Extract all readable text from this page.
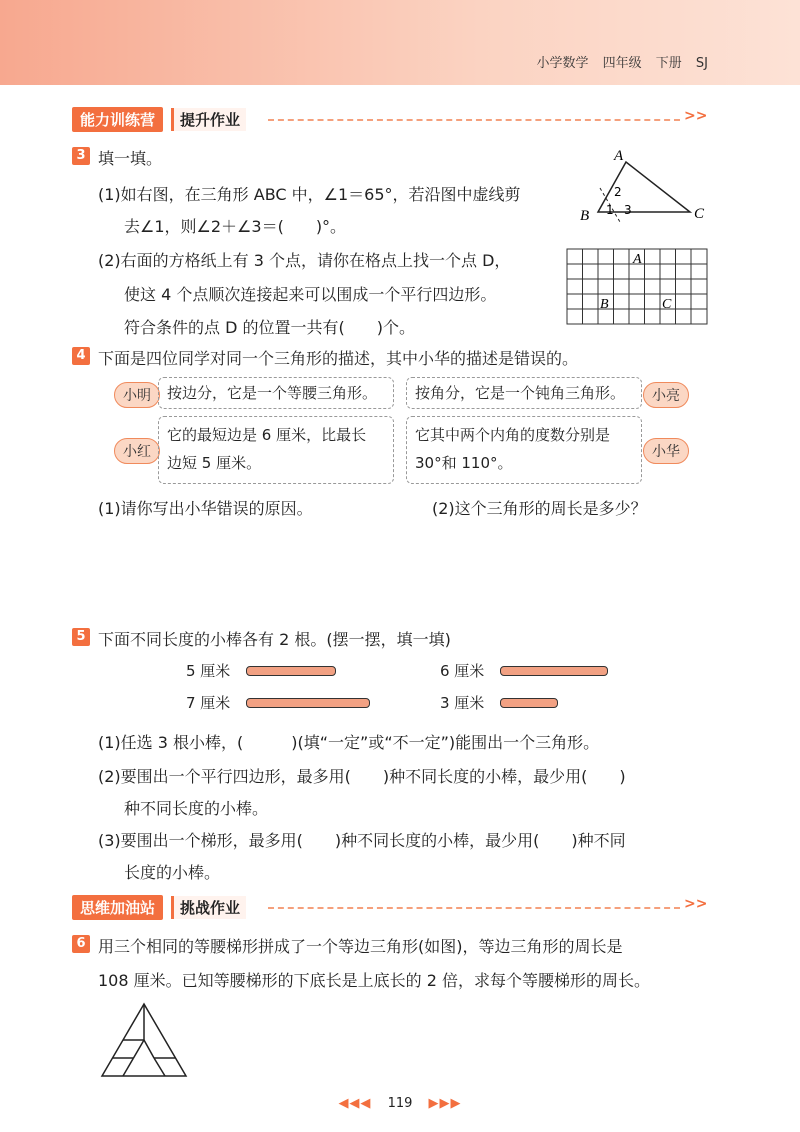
小学数学 四年级 下册 SJ
能力训练营	提升作业	>>
3 填一填。
(1)如右图，在三角形 ABC 中，∠1＝65°，若沿图中虚线剪
去∠1，则∠2＋∠3＝(　　)°。
(2)右面的方格纸上有 3 个点，请你在格点上找一个点 D，
使这 4 个点顺次连接起来可以围成一个平行四边形。
符合条件的点 D 的位置一共有(　　)个。
A
B	C
1
2
3
A
B	C
4 下面是四位同学对同一个三角形的描述，其中小华的描述是错误的。
小明	按边分，它是一个等腰三角形。	按角分，它是一个钝角三角形。	小亮
小红
它的最短边是 6 厘米，比最长
边短 5 厘米。
它其中两个内角的度数分别是
30°和 110°。
小华
(1)请你写出小华错误的原因。	(2)这个三角形的周长是多少？
5 下面不同长度的小棒各有 2 根。(摆一摆，填一填)
5 厘米	6 厘米
7 厘米	3 厘米
(1)任选 3 根小棒，(　　　)(填“一定”或“不一定”)能围出一个三角形。
(2)要围出一个平行四边形，最多用(　　)种不同长度的小棒，最少用(　　)
种不同长度的小棒。
(3)要围出一个梯形，最多用(　　)种不同长度的小棒，最少用(　　)种不同
长度的小棒。
思维加油站	挑战作业	>>
6 用三个相同的等腰梯形拼成了一个等边三角形(如图)，等边三角形的周长是
108 厘米。已知等腰梯形的下底长是上底长的 2 倍，求每个等腰梯形的周长。
◀◀◀ 119 ▶▶▶
